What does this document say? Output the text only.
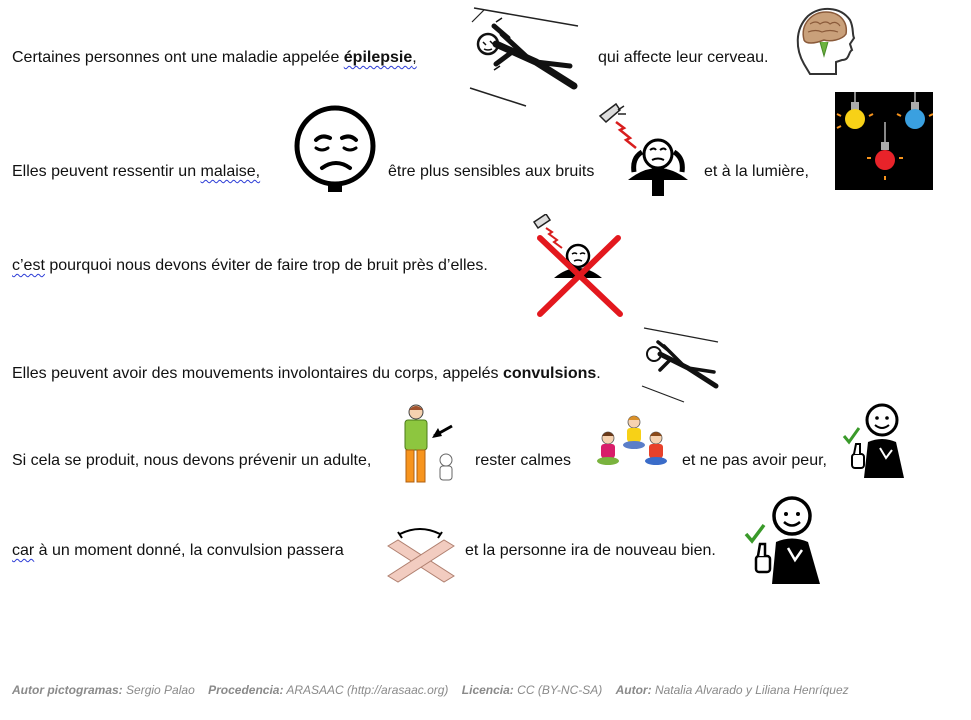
Certaines personnes ont une maladie appelée épilepsie,	qui affecte leur cerveau.
Elles peuvent ressentir un malaise,	être plus sensibles aux bruits	et à la lumière,
c’est pourquoi nous devons éviter de faire trop de bruit près d’elles.
Elles peuvent avoir des mouvements involontaires du corps, appelés convulsions.
Si cela se produit, nous devons prévenir un adulte,	rester calmes	et ne pas avoir peur,
car à un moment donné, la convulsion passera	et la personne ira de nouveau bien.
Autor pictogramas: Sergio Palao Procedencia: ARASAAC (http://arasaac.org) Licencia: CC (BY-NC-SA) Autor: Natalia Alvarado y Liliana Henríquez
